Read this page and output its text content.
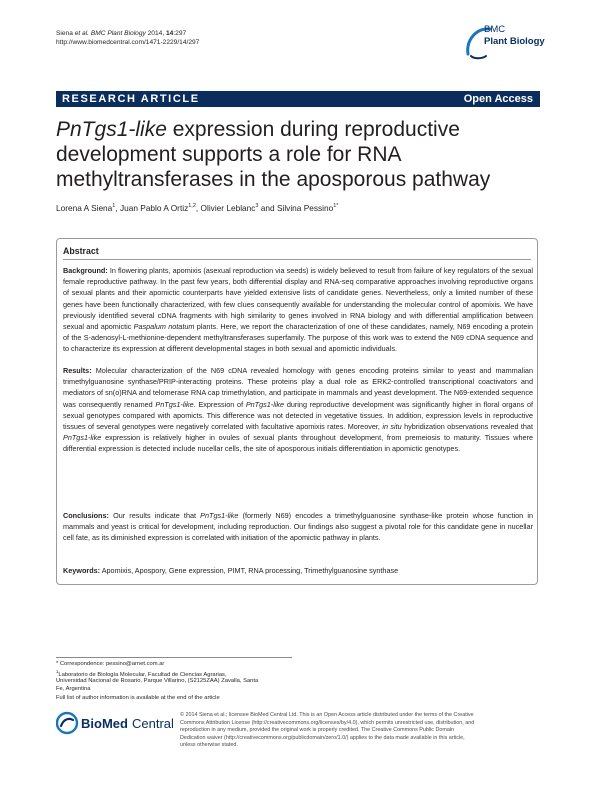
Siena et al. BMC Plant Biology 2014, 14:297
http://www.biomedcentral.com/1471-2229/14/297
BMC
Plant Biology
RESEARCH ARTICLE	Open Access
PnTgs1-like expression during reproductive
development supports a role for RNA
methyltransferases in the aposporous pathway
Lorena A Siena$^1$, Juan Pablo A Ortiz$^{1,2}$, Olivier Leblanc$^3$ and Silvina Pessino$^{1*}$
Abstract
Background: In flowering plants, apomixis (asexual reproduction via seeds) is widely believed to result from failure of key regulators of the sexual female reproductive pathway. In the past few years, both differential display and RNA-seq comparative approaches involving reproductive organs of sexual plants and their apomictic counterparts have yielded extensive lists of candidate genes. Nevertheless, only a limited number of these genes have been functionally characterized, with few clues consequently available for understanding the molecular control of apomixis. We have previously identified several cDNA fragments with high similarity to genes involved in RNA biology and with differential amplification between sexual and apomictic Paspalum notatum plants. Here, we report the characterization of one of these candidates, namely, N69 encoding a protein of the S-adenosyl-L-methionine-dependent methyltransferases superfamily. The purpose of this work was to extend the N69 cDNA sequence and to characterize its expression at different developmental stages in both sexual and apomictic individuals.
Results: Molecular characterization of the N69 cDNA revealed homology with genes encoding proteins similar to yeast and mammalian trimethylguanosine synthase/PRIP-interacting proteins. These proteins play a dual role as ERK2-controlled transcriptional coactivators and mediators of sn(o)RNA and telomerase RNA cap trimethylation, and participate in mammals and yeast development. The N69-extended sequence was consequently renamed PnTgs1-like. Expression of PnTgs1-like during reproductive development was significantly higher in floral organs of sexual genotypes compared with apomicts. This difference was not detected in vegetative tissues. In addition, expression levels in reproductive tissues of several genotypes were negatively correlated with facultative apomixis rates. Moreover, in situ hybridization observations revealed that PnTgs1-like expression is relatively higher in ovules of sexual plants throughout development, from premeiosis to maturity. Tissues where differential expression is detected include nucellar cells, the site of aposporous initials differentiation in apomictic genotypes.
Conclusions: Our results indicate that PnTgs1-like (formerly N69) encodes a trimethylguanosine synthase-like protein whose function in mammals and yeast is critical for development, including reproduction. Our findings also suggest a pivotal role for this candidate gene in nucellar cell fate, as its diminished expression is correlated with initiation of the apomictic pathway in plants.
Keywords: Apomixis, Apospory, Gene expression, PIMT, RNA processing, Trimethylguanosine synthase
* Correspondence: pessino@arnet.com.ar
$^1$Laboratorio de Biología Molecular, Facultad de Ciencias Agrarias,
Universidad Nacional de Rosario, Parque Villarino, (S2125ZAA) Zavalla, Santa
Fe, Argentina
Full list of author information is available at the end of the article
BioMed Central
© 2014 Siena et al.; licensee BioMed Central Ltd. This is an Open Access article distributed under the terms of the Creative
Commons Attribution License (http://creativecommons.org/licenses/by/4.0), which permits unrestricted use, distribution, and
reproduction in any medium, provided the original work is properly credited. The Creative Commons Public Domain
Dedication waiver (http://creativecommons.org/publicdomain/zero/1.0/) applies to the data made available in this article,
unless otherwise stated.
